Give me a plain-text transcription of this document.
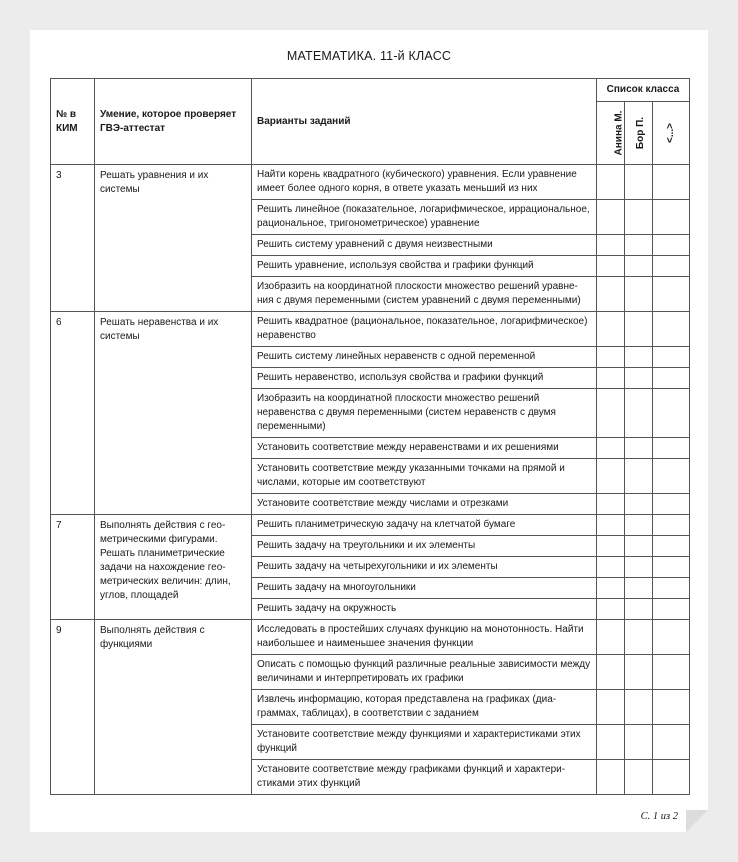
МАТЕМАТИКА. 11-й КЛАСС
№ в КИМ	Умение, которое проверяет ГВЭ-аттестат	Варианты заданий	Список класса		
			Анина М.	Бор П.	<...>
3	Решать уравнения и их системы	Найти корень квадратного (кубического) уравнения. Если уравнение имеет более одного корня, в ответе указать меньший из них			
		Решить линейное (показательное, логарифмическое, иррациональное, рациональное, тригонометрическое) уравнение			
		Решить систему уравнений с двумя неизвестными			
		Решить уравнение, используя свойства и графики функций			
		Изобразить на координатной плоскости множество решений уравнения с двумя переменными (систем уравнений с двумя переменными)			
6	Решать неравенства и их системы	Решить квадратное (рациональное, показательное, логарифмическое) неравенство			
		Решить систему линейных неравенств с одной переменной			
		Решить неравенство, используя свойства и графики функций			
		Изобразить на координатной плоскости множество решений неравенства с двумя переменными (систем неравенств с двумя переменными)			
		Установить соответствие между неравенствами и их решениями			
		Установить соответствие между указанными точками на прямой и числами, которые им соответствуют			
		Установите соответствие между числами и отрезками			
7	Выполнять действия с геометрическими фигурами. Решать планиметрические задачи на нахождение геометрических величин: длин, углов, площадей	Решить планиметрическую задачу на клетчатой бумаге			
		Решить задачу на треугольники и их элементы			
		Решить задачу на четырехугольники и их элементы			
		Решить задачу на многоугольники			
		Решить задачу на окружность			
9	Выполнять действия с функциями	Исследовать в простейших случаях функцию на монотонность. Найти наибольшее и наименьшее значения функции			
		Описать с помощью функций различные реальные зависимости между величинами и интерпретировать их графики			
		Извлечь информацию, которая представлена на графиках (диаграммах, таблицах), в соответствии с заданием			
		Установите соответствие между функциями и характеристиками этих функций			
		Установите соответствие между графиками функций и характеристиками этих функций			
С. 1 из 2
